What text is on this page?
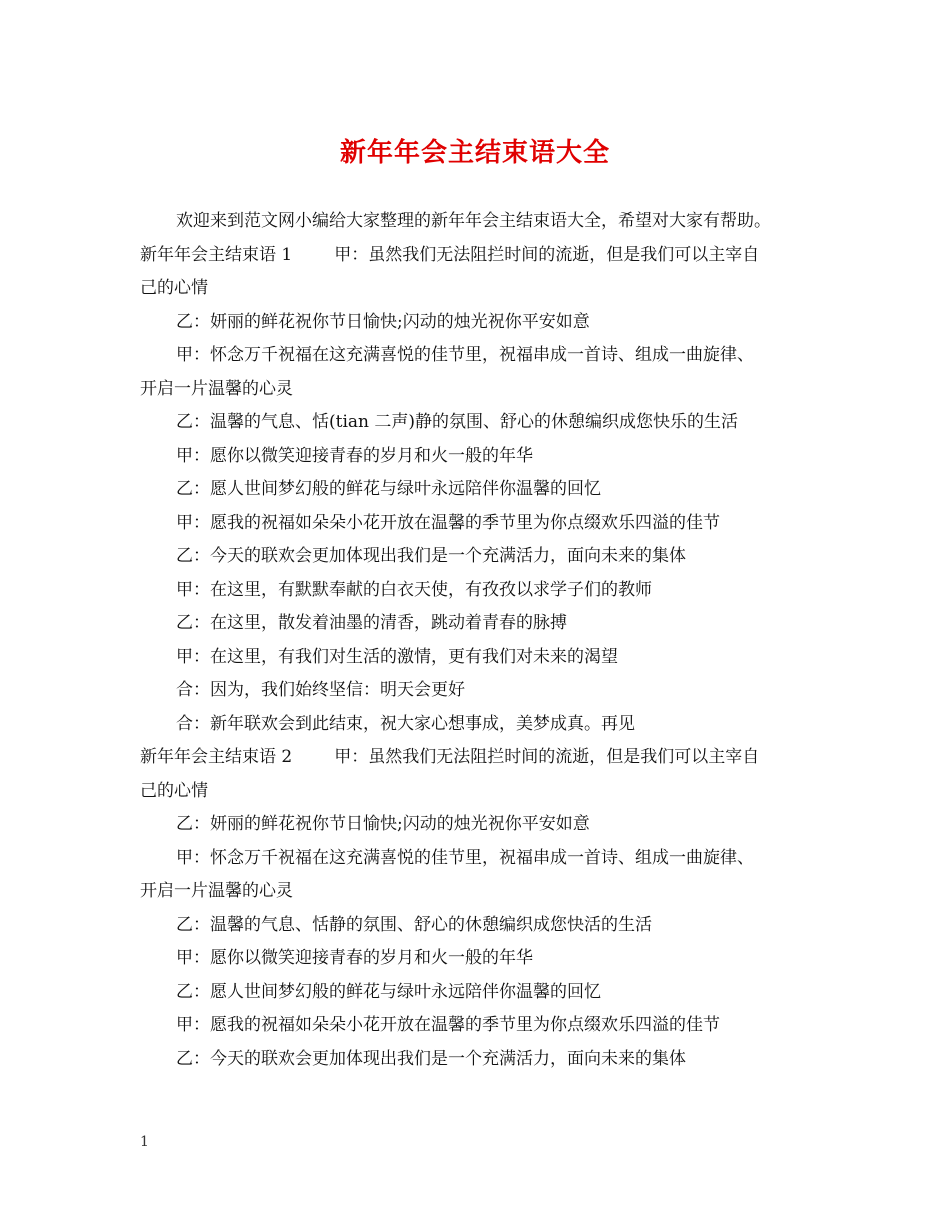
新年年会主结束语大全
欢迎来到范文网小编给大家整理的新年年会主结束语大全，希望对大家有帮助。
新年年会主结束语 1 甲：虽然我们无法阻拦时间的流逝，但是我们可以主宰自
己的心情
乙：妍丽的鲜花祝你节日愉快;闪动的烛光祝你平安如意
甲：怀念万千祝福在这充满喜悦的佳节里，祝福串成一首诗、组成一曲旋律、
开启一片温馨的心灵
乙：温馨的气息、恬(tian 二声)静的氛围、舒心的休憩编织成您快乐的生活
甲：愿你以微笑迎接青春的岁月和火一般的年华
乙：愿人世间梦幻般的鲜花与绿叶永远陪伴你温馨的回忆
甲：愿我的祝福如朵朵小花开放在温馨的季节里为你点缀欢乐四溢的佳节
乙：今天的联欢会更加体现出我们是一个充满活力，面向未来的集体
甲：在这里，有默默奉献的白衣天使，有孜孜以求学子们的教师
乙：在这里，散发着油墨的清香，跳动着青春的脉搏
甲：在这里，有我们对生活的激情，更有我们对未来的渴望
合：因为，我们始终坚信：明天会更好
合：新年联欢会到此结束，祝大家心想事成，美梦成真。再见
新年年会主结束语 2 甲：虽然我们无法阻拦时间的流逝，但是我们可以主宰自
己的心情
乙：妍丽的鲜花祝你节日愉快;闪动的烛光祝你平安如意
甲：怀念万千祝福在这充满喜悦的佳节里，祝福串成一首诗、组成一曲旋律、
开启一片温馨的心灵
乙：温馨的气息、恬静的氛围、舒心的休憩编织成您快活的生活
甲：愿你以微笑迎接青春的岁月和火一般的年华
乙：愿人世间梦幻般的鲜花与绿叶永远陪伴你温馨的回忆
甲：愿我的祝福如朵朵小花开放在温馨的季节里为你点缀欢乐四溢的佳节
乙：今天的联欢会更加体现出我们是一个充满活力，面向未来的集体
1
